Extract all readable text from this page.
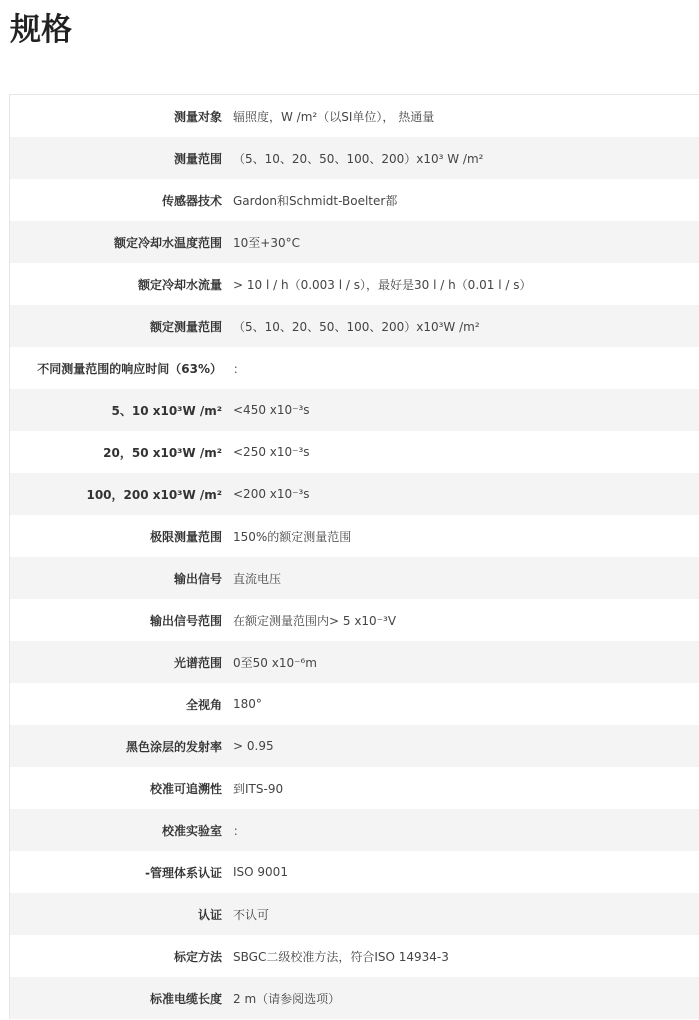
规格
测量对象 辐照度，W /m²（以SI单位）， 热通量
测量范围 （5、10、20、50、100、200）x10³ W /m²
传感器技术 Gardon和Schmidt-Boelter都
额定冷却水温度范围 10至+30°C
额定冷却水流量 > 10 l / h（0.003 l / s），最好是30 l / h（0.01 l / s）
额定测量范围 （5、10、20、50、100、200）x10³W /m²
不同测量范围的响应时间（63%） ：
5、10 x10³W /m² <450 x10⁻³s
20，50 x10³W /m² <250 x10⁻³s
100，200 x10³W /m² <200 x10⁻³s
极限测量范围 150%的额定测量范围
输出信号 直流电压
输出信号范围 在额定测量范围内> 5 x10⁻³V
光谱范围 0至50 x10⁻⁶m
全视角 180°
黑色涂层的发射率 > 0.95
校准可追溯性 到ITS-90
校准实验室 ：
-管理体系认证 ISO 9001
认证 不认可
标定方法 SBGC二级校准方法，符合ISO 14934-3
标准电缆长度 2 m（请参阅选项）
